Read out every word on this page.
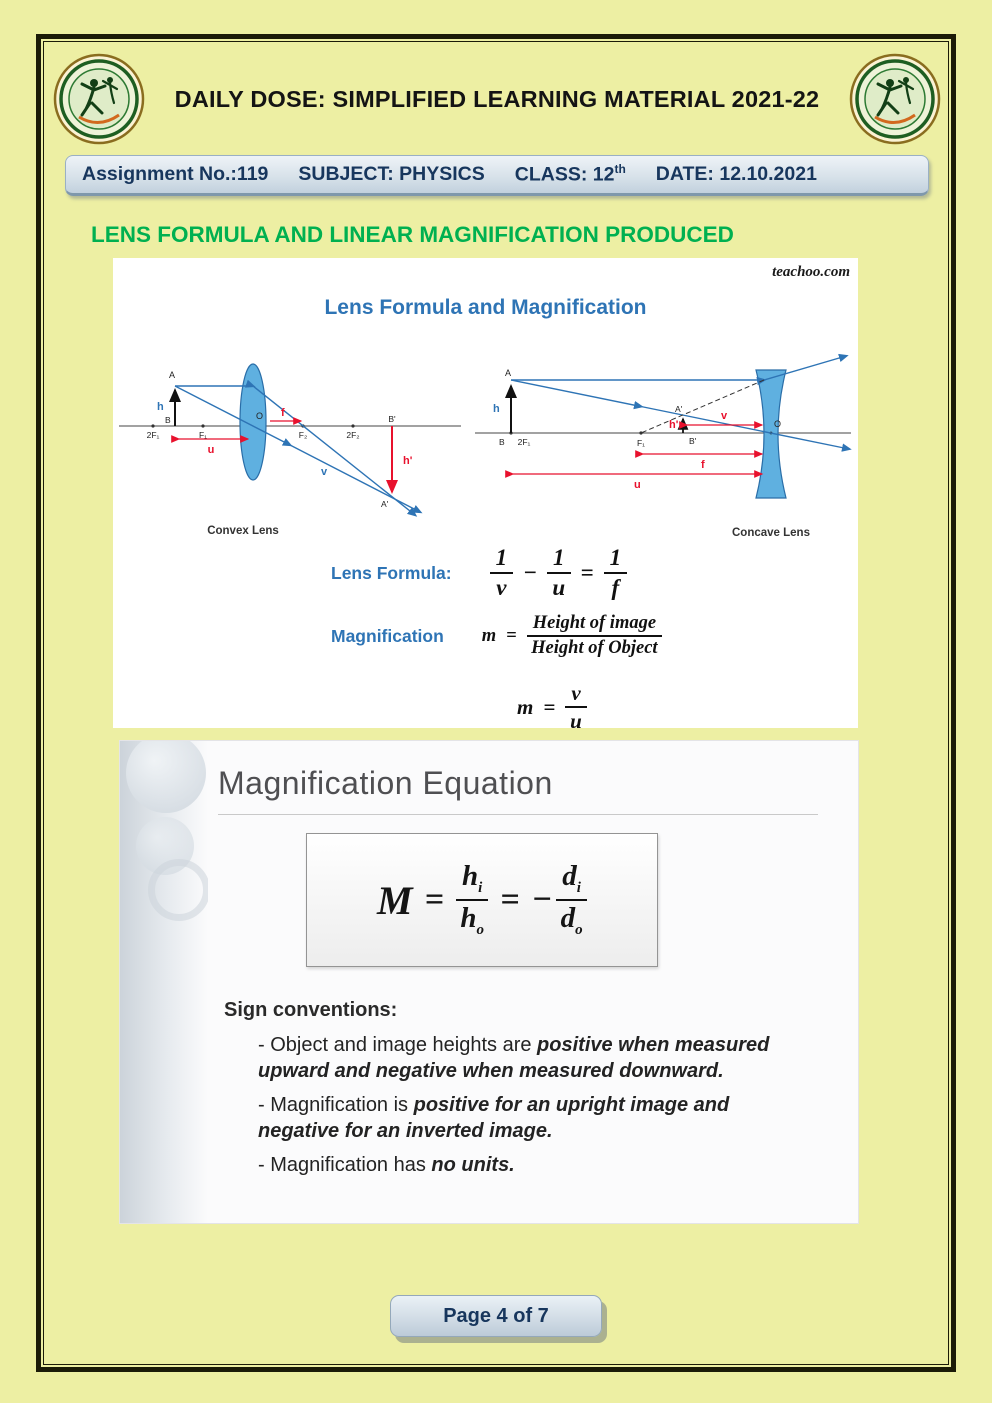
DAILY DOSE: SIMPLIFIED LEARNING MATERIAL 2021-22
Assignment No.:119 SUBJECT: PHYSICS CLASS: 12th DATE: 12.10.2021
LENS FORMULA AND LINEAR MAGNIFICATION PRODUCED
teachoo.com
Lens Formula and Magnification
A
B
h
2F₁	F₁
O f
F₂	2F₂
B'
h'
A'
u
v
Convex Lens
A
h
B 2F₁	F₁
A'
h'
B'
O
v
f
u
Concave Lens
Lens Formula: $\frac{1}{v} - \frac{1}{u} = \frac{1}{f}$
Magnification $m = \frac{\text{Height of image}}{\text{Height of Object}}$
$m = \frac{v}{u}$
Magnification Equation
$M = \frac{h_i}{h_o}$ = − $\frac{d_i}{d_o}$
Sign conventions:

- Object and image heights are positive when measured upward and negative when measured downward.

- Magnification is positive for an upright image and negative for an inverted image.

- Magnification has no units.

Page 4 of 7
